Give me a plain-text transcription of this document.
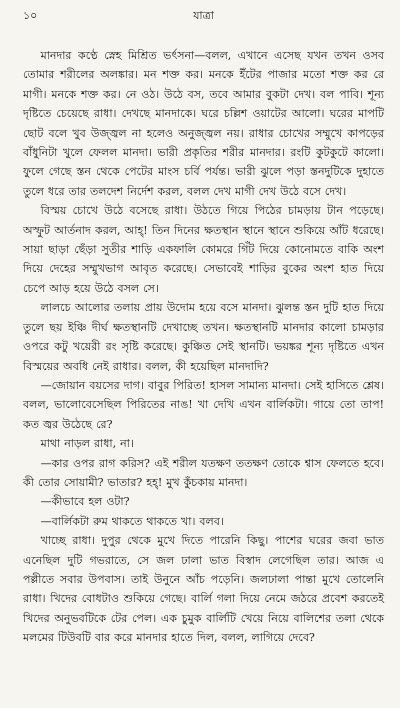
১০	যাত্রা

মানদার কণ্ঠে স্নেহ মিশ্রিত ভর্ৎসনা—বলল, এখানে এসেছ যখন তখন ওসব তোমার শরীলের অলঙ্কার। মন শক্ত কর। মনকে ইঁটের পাজার মতো শক্ত কর রে মাগী। মনকে শক্ত কর। নে ওঠ। উঠে বস, তবে আমার বুকটা দেখ। বল পাবি। শূন্য দৃষ্টিতে চেয়েছে রাধা। দেখছে মানদাকে। ঘরে চল্লিশ ওয়াটের আলো। ঘরের মাপটি ছোট বলে খুব উজ্জ্বল না হলেও অনুজ্জ্বল নয়। রাধার চোখের সম্মুখে কাপড়ের বাঁধুনিটা খুলে ফেলল মানদা। ভারী প্রকৃতির শরীর মানদার। রংটি কুটকুটে কালো। ফুলে গেছে স্তন থেকে পেটের মাংস চর্বি পর্যন্ত। ভারী ঝুলে পড়া স্তনদুটিকে দুহাতে তুলে ধরে তার তলদেশ নির্দেশ করল, বলল দেখ মাগী দেখ উঠে বসে দেখ।

বিস্ময় চোখে উঠে বসেছে রাধা। উঠতে গিয়ে পিঠের চামড়ায় টান পড়েছে। অস্ফুট আর্তনাদ করল, আহ্! তিন দিনের ক্ষতস্থান স্থানে স্থানে শুকিয়ে আঁট ধরেছে। সায়া ছাড়া ছেঁড়া সুতীর শাড়ি একফালি কোমরে গিঁট দিয়ে কোনোমতে বাকি অংশ দিয়ে দেহের সম্মুখভাগ আবৃত করেছে। সেভাবেই শাড়ির বুকের অংশ হাত দিয়ে চেপে আড় হয়ে উঠে বসল সে।

লালচে আলোর তলায় প্রায় উদোম হয়ে বসে মানদা। ঝুলন্ত স্তন দুটি হাত দিয়ে তুলে ছয় ইঞ্চি দীর্ঘ ক্ষতস্থানটি দেখাচ্ছে তখন। ক্ষতস্থানটি মানদার কালো চামড়ার ওপরে কটু খয়েরী রং সৃষ্টি করেছে। কুঞ্চিত সেই স্থানটি। ভয়ঙ্কর শূন্য দৃষ্টিতে এখন বিস্ময়ের অবধি নেই রাধার। বলল, কী হয়েছিল মানদাদি?

—জোয়ান বয়সের দাগ। বাবুর পিরিত! হাসল সামান্য মানদা। সেই হাসিতে শ্লেষ। বলল, ভালোবেসেছিল পিরিতের নাঙ! খা দেখি এখন বার্লিকটা। গায়ে তো তাপ! কত জ্বর উঠেছে রে?

মাথা নাড়ল রাধা, না।

—কার ওপর রাগ করিস? এই শরীল যতক্ষণ ততক্ষণ তোকে শ্বাস ফেলতে হবে। কী তোর সোয়ামী? ভাতার? হহ্! মুখ কুঁচকায় মানদা।

—কীভাবে হল ওটা?

—বার্লিকটা রুম থাকতে থাকতে খা। বলব।

খাচ্ছে রাধা। দুপুর থেকে মুখে দিতে পারেনি কিছু। পাশের ঘরের জবা ভাত এনেছিল দুটি গভরাতে, সে জল ঢালা ভাত বিস্বাদ লেগেছিল তার। আজ এ পল্লীতে সবার উপবাস। তাই উনুনে আঁচ পড়েনি। জলঢালা পান্তা মুখে তোলেনি রাধা। খিদের বোধটাও শুকিয়ে গেছে। বার্লি গলা দিয়ে নেমে জঠরে প্রবেশ করতেই খিদের অনুভবটিকে টের পেল। এক চুমুক বার্লিটি খেয়ে নিয়ে বালিশের তলা থেকে মলমের টিউবটি বার করে মানদার হাতে দিল, বলল, লাগিয়ে দেবে?
